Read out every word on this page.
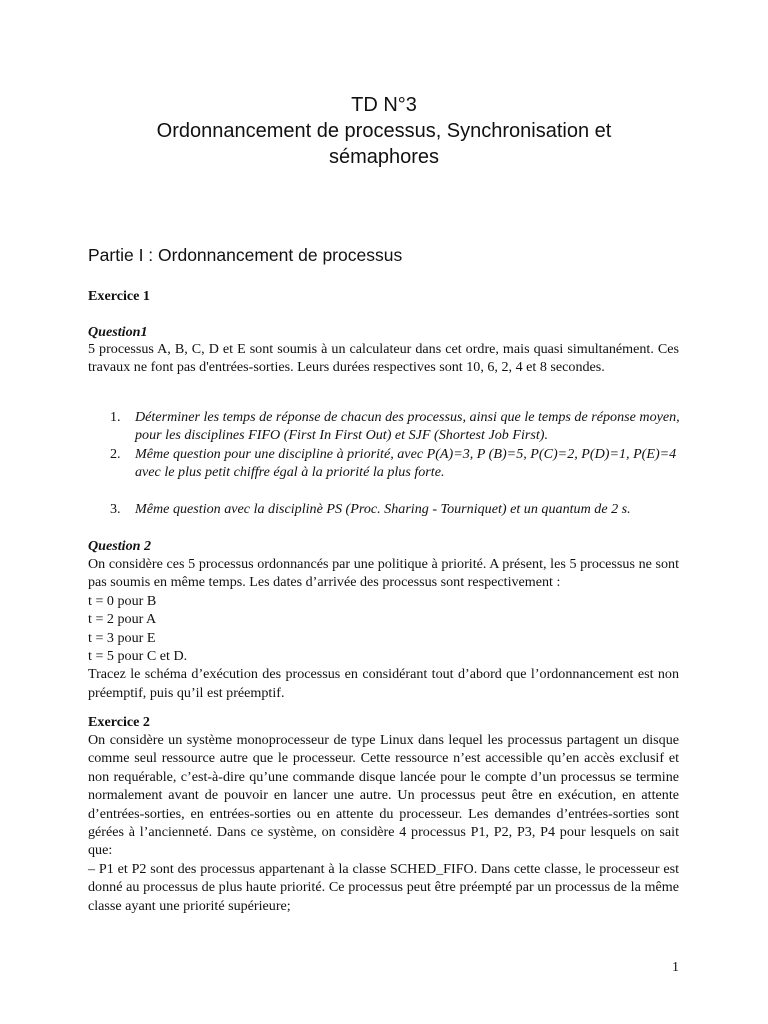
TD N°3
Ordonnancement de processus, Synchronisation et
sémaphores
Partie I : Ordonnancement de processus
Exercice 1
Question1
5 processus A, B, C, D et E sont soumis à un calculateur dans cet ordre, mais quasi simultanément. Ces travaux ne font pas d'entrées-sorties. Leurs durées respectives sont 10, 6, 2, 4 et 8 secondes.
1.	Déterminer les temps de réponse de chacun des processus, ainsi que le temps de réponse moyen, pour les disciplines FIFO (First In First Out) et SJF (Shortest Job First).
2.	Même question pour une discipline à priorité, avec P(A)=3, P (B)=5, P(C)=2, P(D)=1, P(E)=4 avec le plus petit chiffre égal à la priorité la plus forte.
3.	Même question avec la disciplinè PS (Proc. Sharing - Tourniquet) et un quantum de 2 s.
Question 2

On considère ces 5 processus ordonnancés par une politique à priorité. A présent, les 5 processus ne sont pas soumis en même temps. Les dates d’arrivée des processus sont respectivement :

t = 0 pour B

t = 2 pour A

t = 3 pour E

t = 5 pour C et D.

Tracez le schéma d’exécution des processus en considérant tout d’abord que l’ordonnancement est non préemptif, puis qu’il est préemptif.

Exercice 2

On considère un système monoprocesseur de type Linux dans lequel les processus partagent un disque comme seul ressource autre que le processeur. Cette ressource n’est accessible qu’en accès exclusif et non requérable, c’est-à-dire qu’une commande disque lancée pour le compte d’un processus se termine normalement avant de pouvoir en lancer une autre. Un processus peut être en exécution, en attente d’entrées-sorties, en entrées-sorties ou en attente du processeur. Les demandes d’entrées-sorties sont gérées à l’ancienneté. Dans ce système, on considère 4 processus P1, P2, P3, P4 pour lesquels on sait que:

– P1 et P2 sont des processus appartenant à la classe SCHED_FIFO. Dans cette classe, le processeur est donné au processus de plus haute priorité. Ce processus peut être préempté par un processus de la même classe ayant une priorité supérieure;

1
